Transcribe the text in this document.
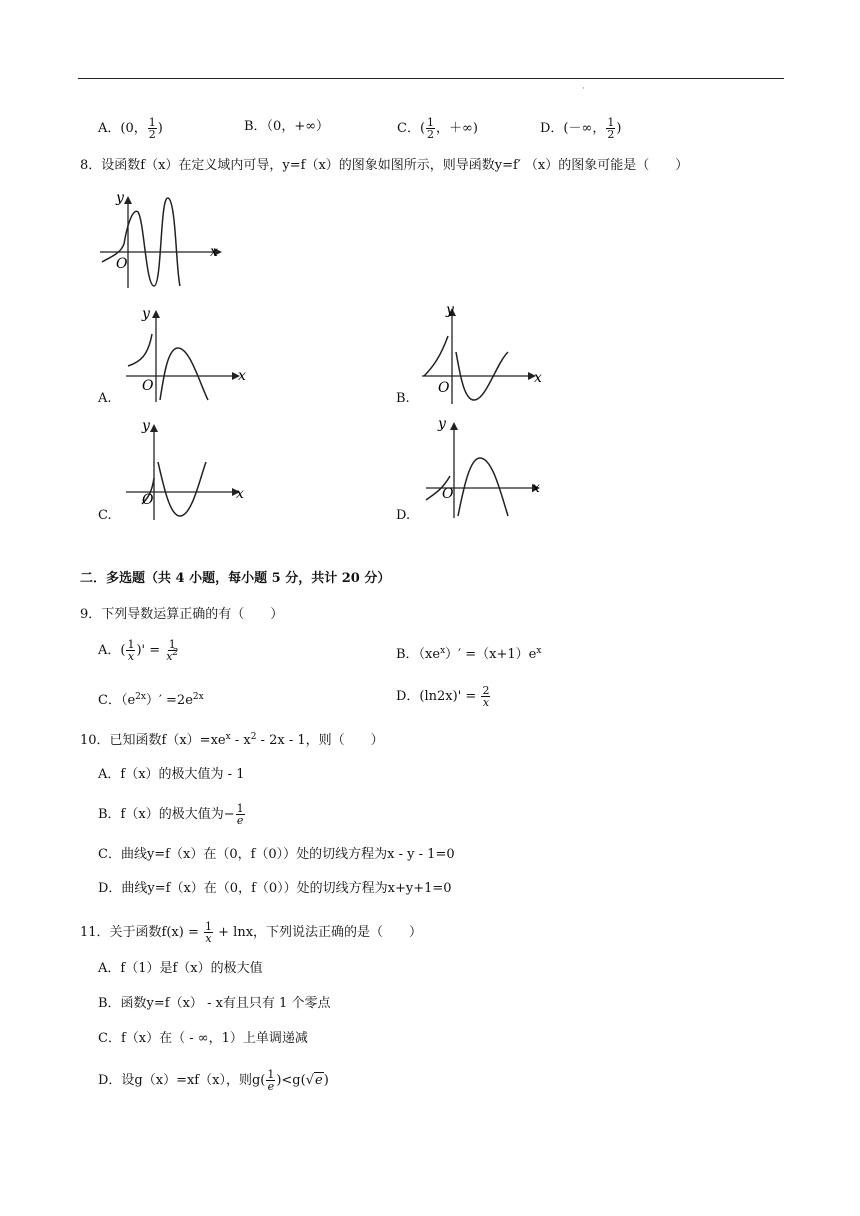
·
A．(0， $\frac{1}{2}$ )	B．（0，+∞）	C．( $\frac{1}{2}$ ，＋∞)	D．(－∞， $\frac{1}{2}$ )
8．设函数f（x）在定义域内可导，y=f（x）的图象如图所示，则导函数y=f′ （x）的图象可能是（　　）
y
x
O
y
x
O
A.
y
x
O
B.
y
x
O
C.
y
x
O
D.
二．多选题（共 4 小题，每小题 5 分，共计 20 分）
9．下列导数运算正确的有（　　）
A．( $\frac{1}{x}$ )' = $\frac{1}{x^2}$	B．$(xe^x)' =(x+1)e^x$
C．$(e^{2x})' =2e^{2x}$	D．$(\ln 2x)' = \frac{2}{x}$
10．已知函数$f(x)=xe^x - x^2 - 2x - 1$，则（　　）
A．f（x）的极大值为 - 1
B．f（x）的极大值为− $\frac{1}{e}$
C．曲线y=f（x）在（0，f（0））处的切线方程为x - y - 1=0
D．曲线y=f（x）在（0，f（0））处的切线方程为x+y+1=0
11．关于函数$f(x) = \frac{1}{x} + \ln x$，下列说法正确的是（　　）
A．f（1）是f（x）的极大值
B．函数y=f（x） - x有且只有 1 个零点
C．f（x）在（ - ∞，1）上单调递减
D．设g（x）=xf（x），则$g( \frac{1}{e} )<g(√e)$
